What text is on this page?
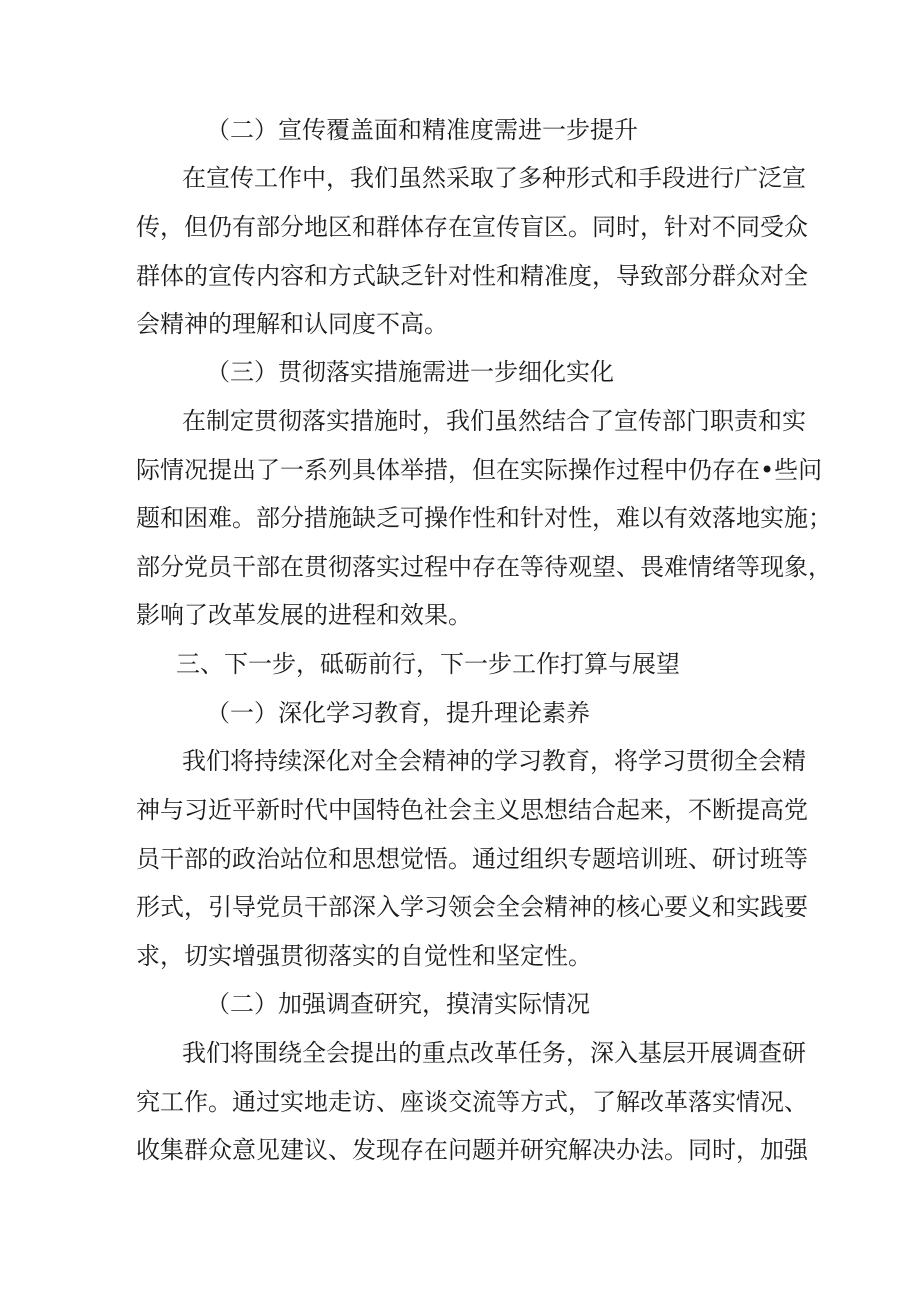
（二）宣传覆盖面和精准度需进一步提升
在宣传工作中，我们虽然采取了多种形式和手段进行广泛宣
传，但仍有部分地区和群体存在宣传盲区。同时，针对不同受众
群体的宣传内容和方式缺乏针对性和精准度，导致部分群众对全
会精神的理解和认同度不高。
（三）贯彻落实措施需进一步细化实化
在制定贯彻落实措施时，我们虽然结合了宣传部门职责和实
际情况提出了一系列具体举措，但在实际操作过程中仍存在•些问
题和困难。部分措施缺乏可操作性和针对性，难以有效落地实施；
部分党员干部在贯彻落实过程中存在等待观望、畏难情绪等现象，
影响了改革发展的进程和效果。
三、下一步，砥砺前行，下一步工作打算与展望
（一）深化学习教育，提升理论素养
我们将持续深化对全会精神的学习教育，将学习贯彻全会精
神与习近平新时代中国特色社会主义思想结合起来，不断提高党
员干部的政治站位和思想觉悟。通过组织专题培训班、研讨班等
形式，引导党员干部深入学习领会全会精神的核心要义和实践要
求，切实增强贯彻落实的自觉性和坚定性。
（二）加强调查研究，摸清实际情况
我们将围绕全会提出的重点改革任务，深入基层开展调查研
究工作。通过实地走访、座谈交流等方式，了解改革落实情况、
收集群众意见建议、发现存在问题并研究解决办法。同时，加强
